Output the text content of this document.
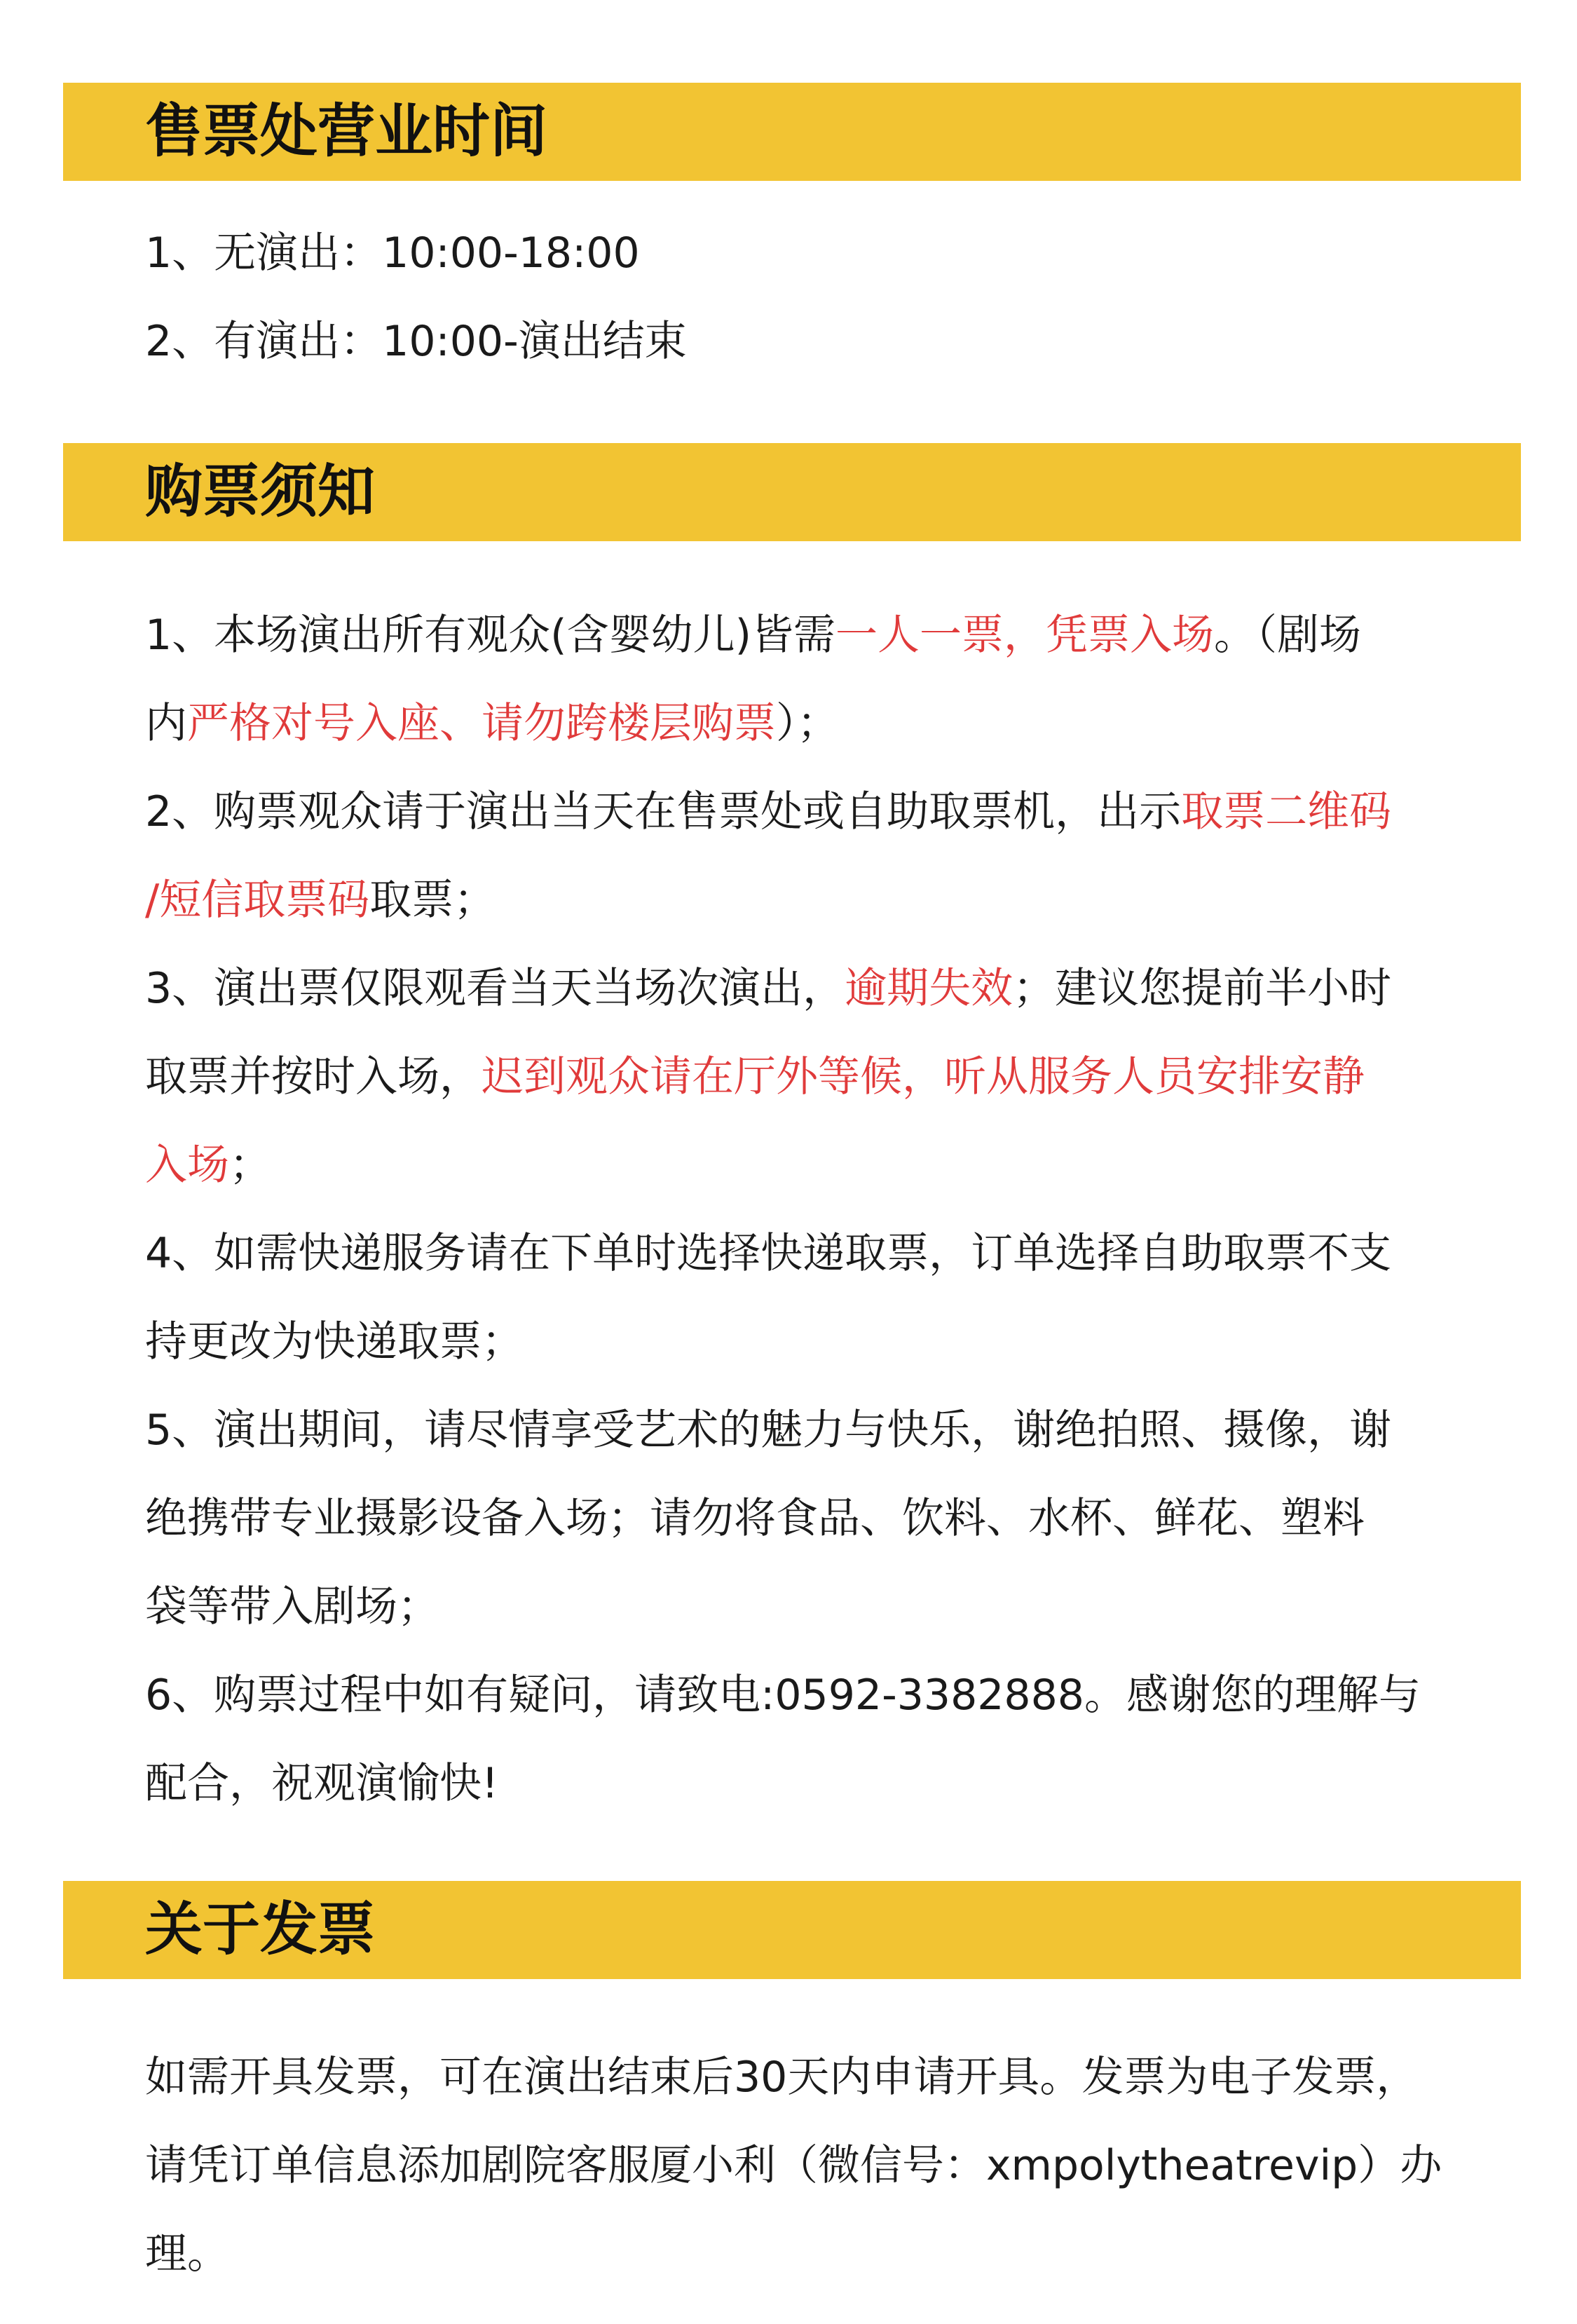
售票处营业时间
1、无演出：10:00-18:00
2、有演出：10:00-演出结束
购票须知
1、本场演出所有观众(含婴幼儿)皆需一人一票，凭票入场。（剧场
内严格对号入座、请勿跨楼层购票）；
2、购票观众请于演出当天在售票处或自助取票机，出示取票二维码
/短信取票码取票；
3、演出票仅限观看当天当场次演出，逾期失效；建议您提前半小时
取票并按时入场，迟到观众请在厅外等候，听从服务人员安排安静
入场；
4、如需快递服务请在下单时选择快递取票，订单选择自助取票不支
持更改为快递取票；
5、演出期间，请尽情享受艺术的魅力与快乐，谢绝拍照、摄像，谢
绝携带专业摄影设备入场；请勿将食品、饮料、水杯、鲜花、塑料
袋等带入剧场；
6、购票过程中如有疑问，请致电:0592-3382888。感谢您的理解与
配合，祝观演愉快!
关于发票
如需开具发票，可在演出结束后30天内申请开具。发票为电子发票，
请凭订单信息添加剧院客服厦小利（微信号：xmpolytheatrevip）办
理。
